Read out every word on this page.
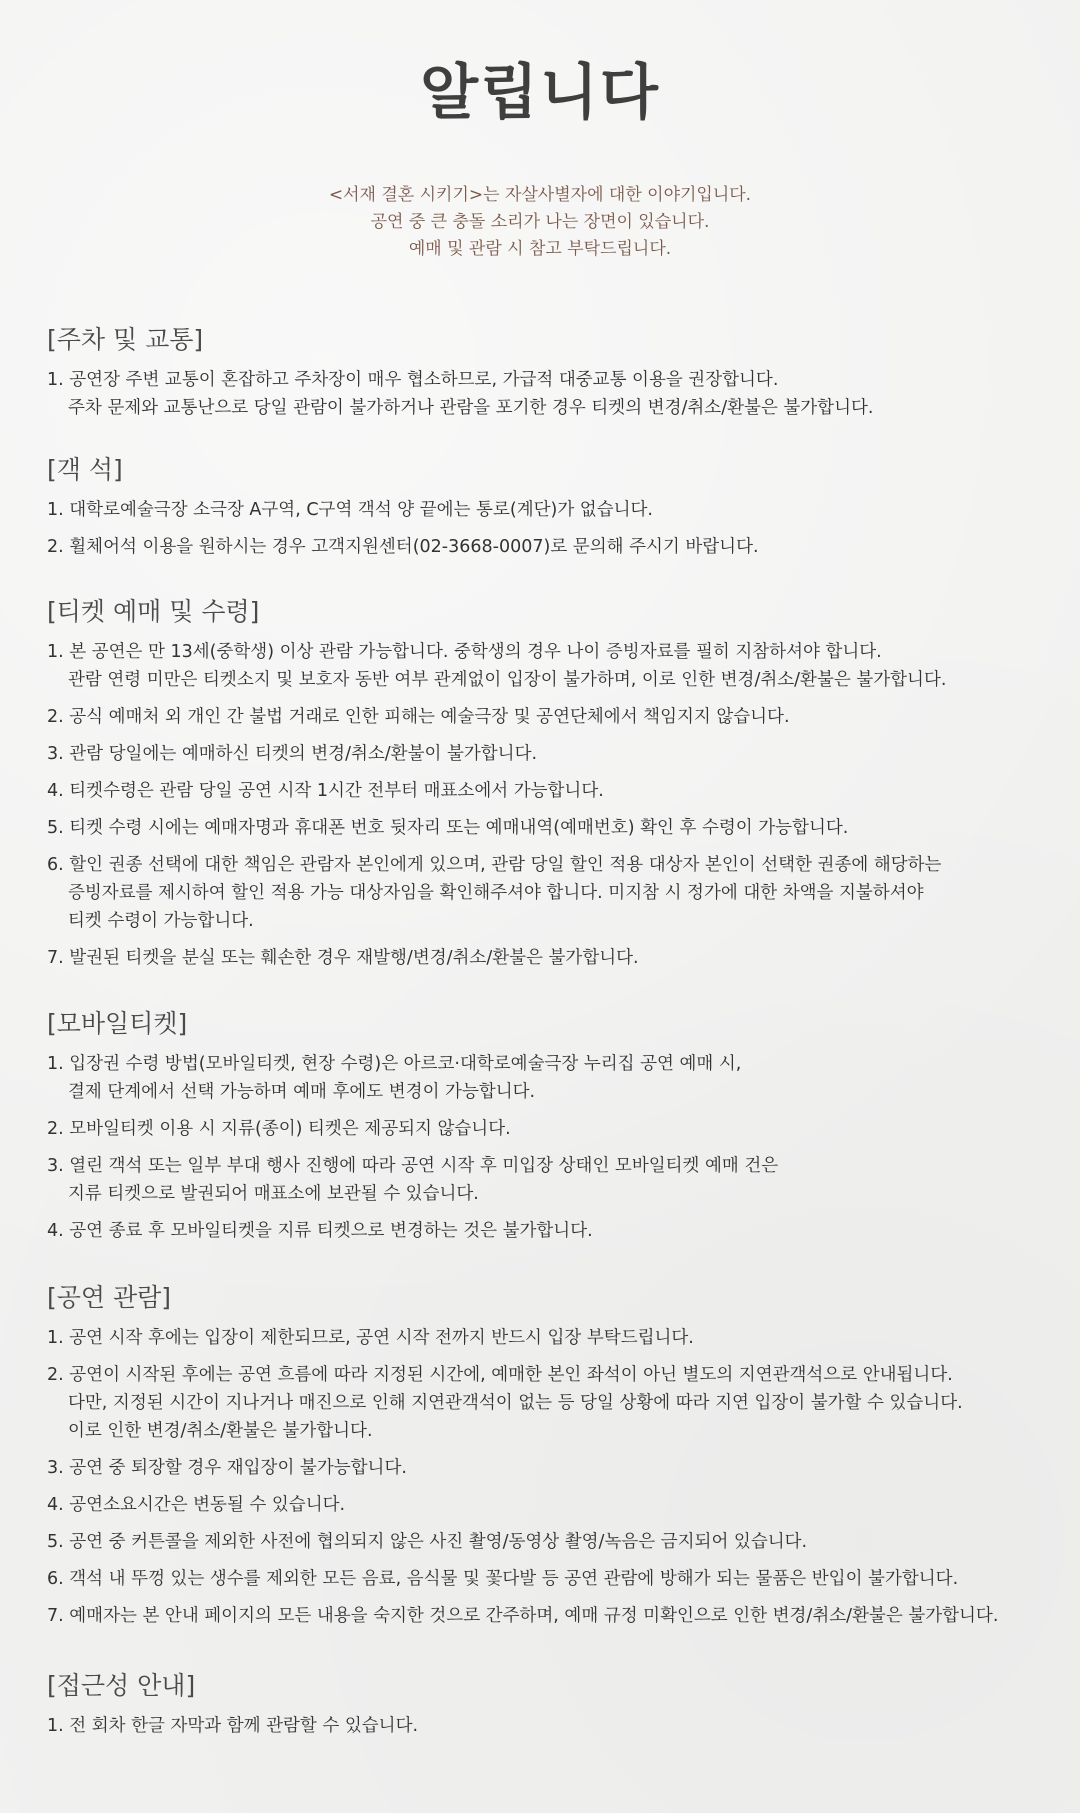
알립니다
<서재 결혼 시키기>는 자살사별자에 대한 이야기입니다.
공연 중 큰 충돌 소리가 나는 장면이 있습니다.
예매 및 관람 시 참고 부탁드립니다.
[주차 및 교통]
1. 공연장 주변 교통이 혼잡하고 주차장이 매우 협소하므로, 가급적 대중교통 이용을 권장합니다.
주차 문제와 교통난으로 당일 관람이 불가하거나 관람을 포기한 경우 티켓의 변경/취소/환불은 불가합니다.
[객 석]
1. 대학로예술극장 소극장 A구역, C구역 객석 양 끝에는 통로(계단)가 없습니다.
2. 휠체어석 이용을 원하시는 경우 고객지원센터(02-3668-0007)로 문의해 주시기 바랍니다.
[티켓 예매 및 수령]
1. 본 공연은 만 13세(중학생) 이상 관람 가능합니다. 중학생의 경우 나이 증빙자료를 필히 지참하셔야 합니다.
관람 연령 미만은 티켓소지 및 보호자 동반 여부 관계없이 입장이 불가하며, 이로 인한 변경/취소/환불은 불가합니다.
2. 공식 예매처 외 개인 간 불법 거래로 인한 피해는 예술극장 및 공연단체에서 책임지지 않습니다.
3. 관람 당일에는 예매하신 티켓의 변경/취소/환불이 불가합니다.
4. 티켓수령은 관람 당일 공연 시작 1시간 전부터 매표소에서 가능합니다.
5. 티켓 수령 시에는 예매자명과 휴대폰 번호 뒷자리 또는 예매내역(예매번호) 확인 후 수령이 가능합니다.
6. 할인 권종 선택에 대한 책임은 관람자 본인에게 있으며, 관람 당일 할인 적용 대상자 본인이 선택한 권종에 해당하는
증빙자료를 제시하여 할인 적용 가능 대상자임을 확인해주셔야 합니다. 미지참 시 정가에 대한 차액을 지불하셔야
티켓 수령이 가능합니다.
7. 발권된 티켓을 분실 또는 훼손한 경우 재발행/변경/취소/환불은 불가합니다.
[모바일티켓]
1. 입장권 수령 방법(모바일티켓, 현장 수령)은 아르코·대학로예술극장 누리집 공연 예매 시,
결제 단계에서 선택 가능하며 예매 후에도 변경이 가능합니다.
2. 모바일티켓 이용 시 지류(종이) 티켓은 제공되지 않습니다.
3. 열린 객석 또는 일부 부대 행사 진행에 따라 공연 시작 후 미입장 상태인 모바일티켓 예매 건은
지류 티켓으로 발권되어 매표소에 보관될 수 있습니다.
4. 공연 종료 후 모바일티켓을 지류 티켓으로 변경하는 것은 불가합니다.
[공연 관람]
1. 공연 시작 후에는 입장이 제한되므로, 공연 시작 전까지 반드시 입장 부탁드립니다.
2. 공연이 시작된 후에는 공연 흐름에 따라 지정된 시간에, 예매한 본인 좌석이 아닌 별도의 지연관객석으로 안내됩니다.
다만, 지정된 시간이 지나거나 매진으로 인해 지연관객석이 없는 등 당일 상황에 따라 지연 입장이 불가할 수 있습니다.
이로 인한 변경/취소/환불은 불가합니다.
3. 공연 중 퇴장할 경우 재입장이 불가능합니다.
4. 공연소요시간은 변동될 수 있습니다.
5. 공연 중 커튼콜을 제외한 사전에 협의되지 않은 사진 촬영/동영상 촬영/녹음은 금지되어 있습니다.
6. 객석 내 뚜껑 있는 생수를 제외한 모든 음료, 음식물 및 꽃다발 등 공연 관람에 방해가 되는 물품은 반입이 불가합니다.
7. 예매자는 본 안내 페이지의 모든 내용을 숙지한 것으로 간주하며, 예매 규정 미확인으로 인한 변경/취소/환불은 불가합니다.
[접근성 안내]
1. 전 회차 한글 자막과 함께 관람할 수 있습니다.
